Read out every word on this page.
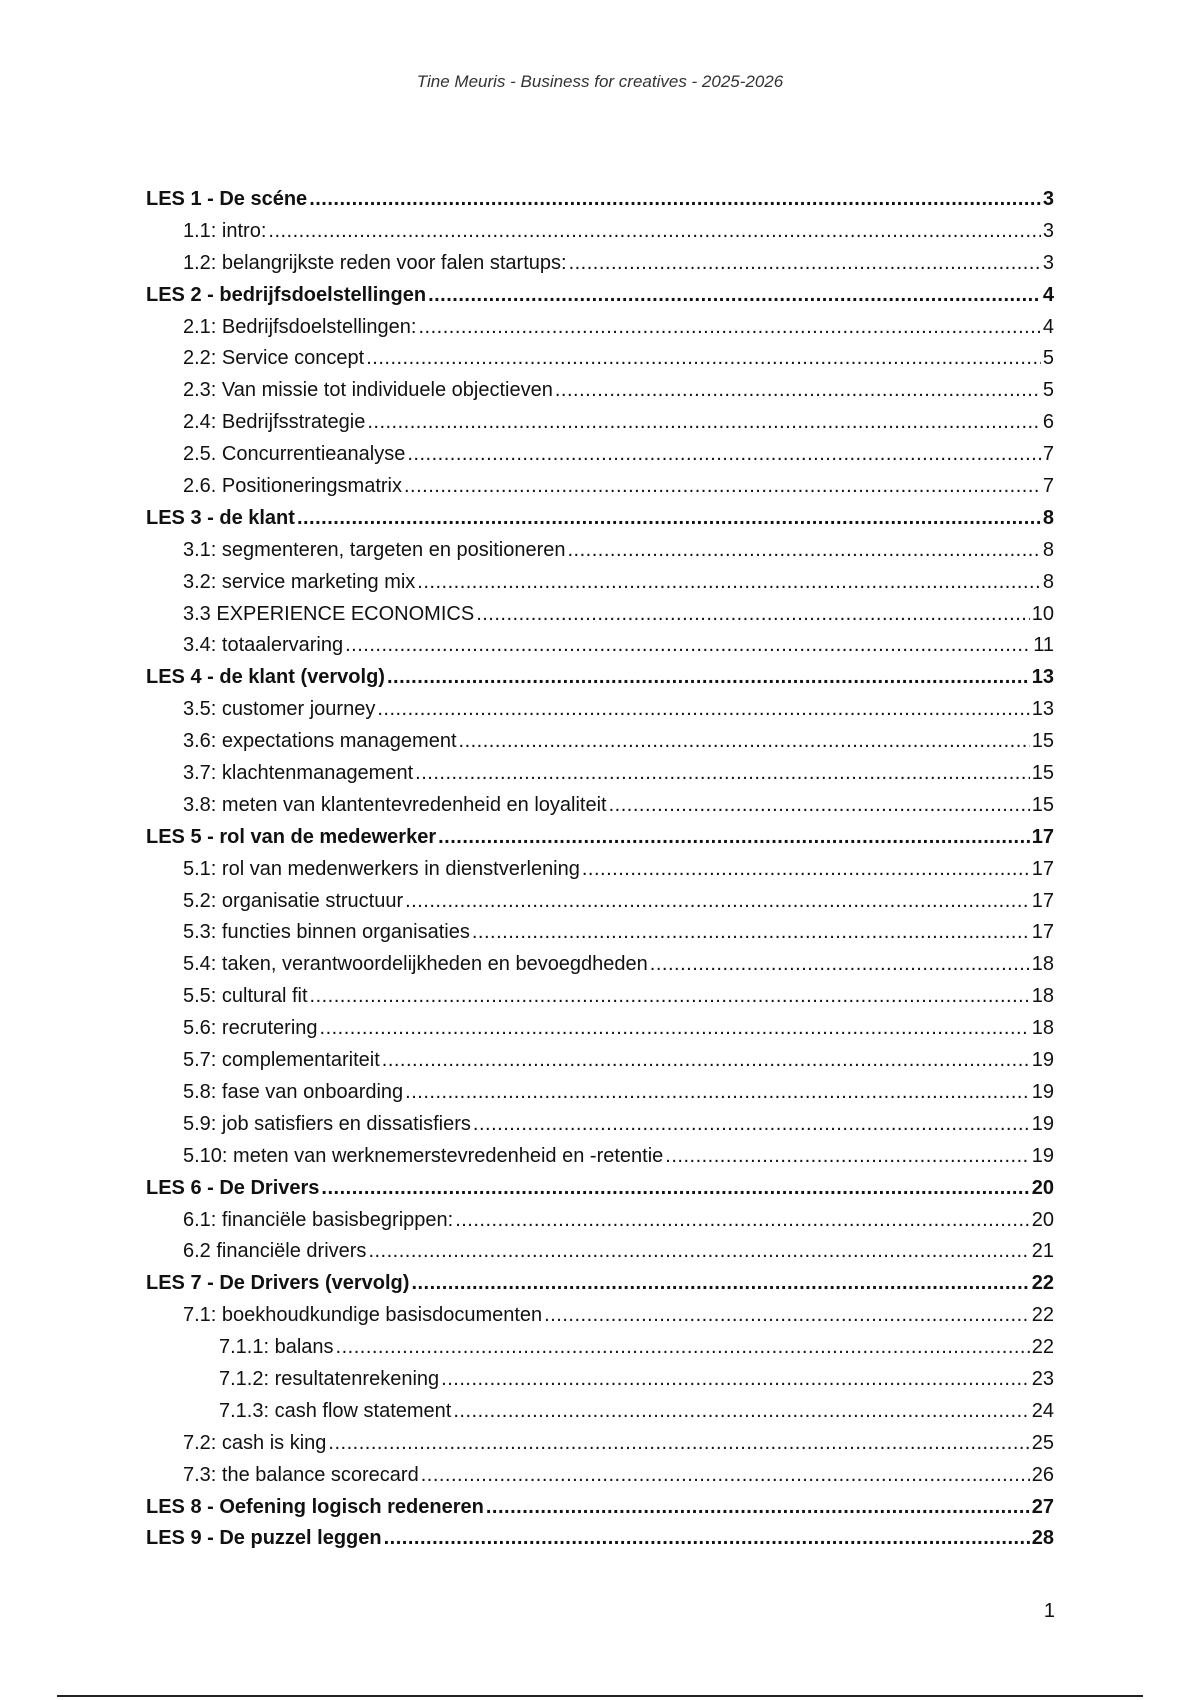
Tine Meuris - Business for creatives - 2025-2026
LES 1 - De scéne .....	3
1.1: intro: .....	3
1.2: belangrijkste reden voor falen startups: .....	3
LES 2 - bedrijfsdoelstellingen .....	4
2.1: Bedrijfsdoelstellingen: .....	4
2.2: Service concept .....	5
2.3: Van missie tot individuele objectieven .....	5
2.4: Bedrijfsstrategie .....	6
2.5. Concurrentieanalyse .....	7
2.6. Positioneringsmatrix .....	7
LES 3 - de klant .....	8
3.1: segmenteren, targeten en positioneren .....	8
3.2: service marketing mix .....	8
3.3 EXPERIENCE ECONOMICS .....	10
3.4: totaalervaring .....	11
LES 4 - de klant (vervolg) .....	13
3.5: customer journey .....	13
3.6: expectations management .....	15
3.7: klachtenmanagement .....	15
3.8: meten van klantentevredenheid en loyaliteit .....	15
LES 5 - rol van de medewerker .....	17
5.1: rol van medenwerkers in dienstverlening .....	17
5.2: organisatie structuur .....	17
5.3: functies binnen organisaties .....	17
5.4: taken, verantwoordelijkheden en bevoegdheden .....	18
5.5: cultural fit .....	18
5.6: recrutering .....	18
5.7: complementariteit .....	19
5.8: fase van onboarding .....	19
5.9: job satisfiers en dissatisfiers .....	19
5.10: meten van werknemerstevredenheid en -retentie .....	19
LES 6 - De Drivers .....	20
6.1: financiële basisbegrippen: .....	20
6.2 financiële drivers .....	21
LES 7 - De Drivers (vervolg) .....	22
7.1: boekhoudkundige basisdocumenten .....	22
7.1.1: balans .....	22
7.1.2: resultatenrekening .....	23
7.1.3: cash flow statement .....	24
7.2: cash is king .....	25
7.3: the balance scorecard .....	26
LES 8 - Oefening logisch redeneren .....	27
LES 9 - De puzzel leggen .....	28
1
